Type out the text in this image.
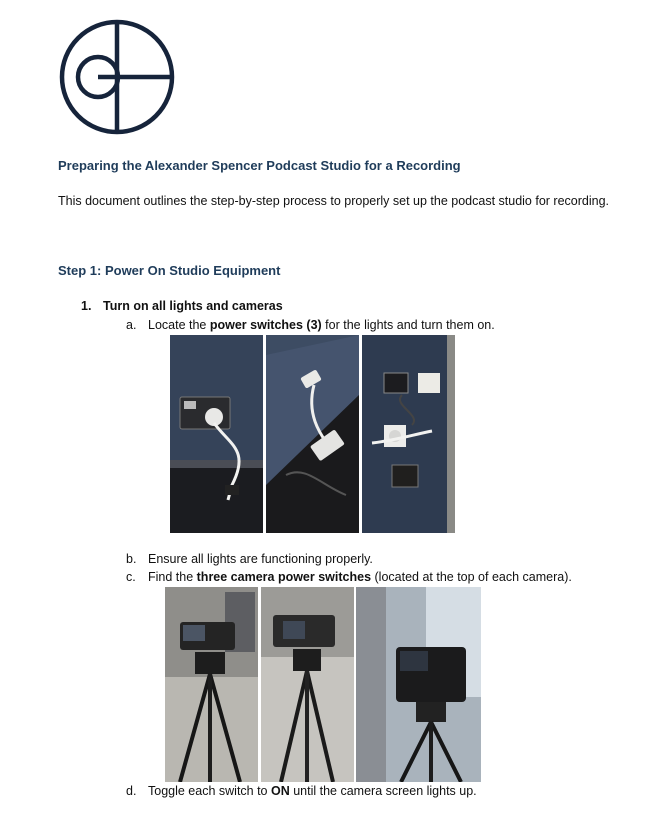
Preparing the Alexander Spencer Podcast Studio for a Recording
This document outlines the step-by-step process to properly set up the podcast studio for recording.
Step 1: Power On Studio Equipment
1. Turn on all lights and cameras
a. Locate the power switches (3) for the lights and turn them on.
b. Ensure all lights are functioning properly.
c. Find the three camera power switches (located at the top of each camera).
d. Toggle each switch to ON until the camera screen lights up.
